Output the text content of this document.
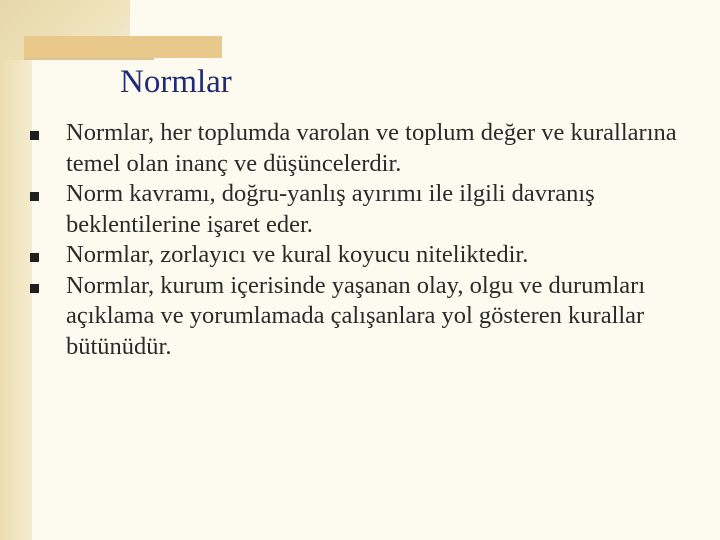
Normlar
Normlar, her toplumda varolan ve toplum değer ve kurallarına temel olan inanç ve düşüncelerdir.
Norm kavramı, doğru-yanlış ayırımı ile ilgili davranış beklentilerine işaret eder.
Normlar, zorlayıcı ve kural koyucu niteliktedir.
Normlar, kurum içerisinde yaşanan olay, olgu ve durumları açıklama ve yorumlamada çalışanlara yol gösteren kurallar bütünüdür.
